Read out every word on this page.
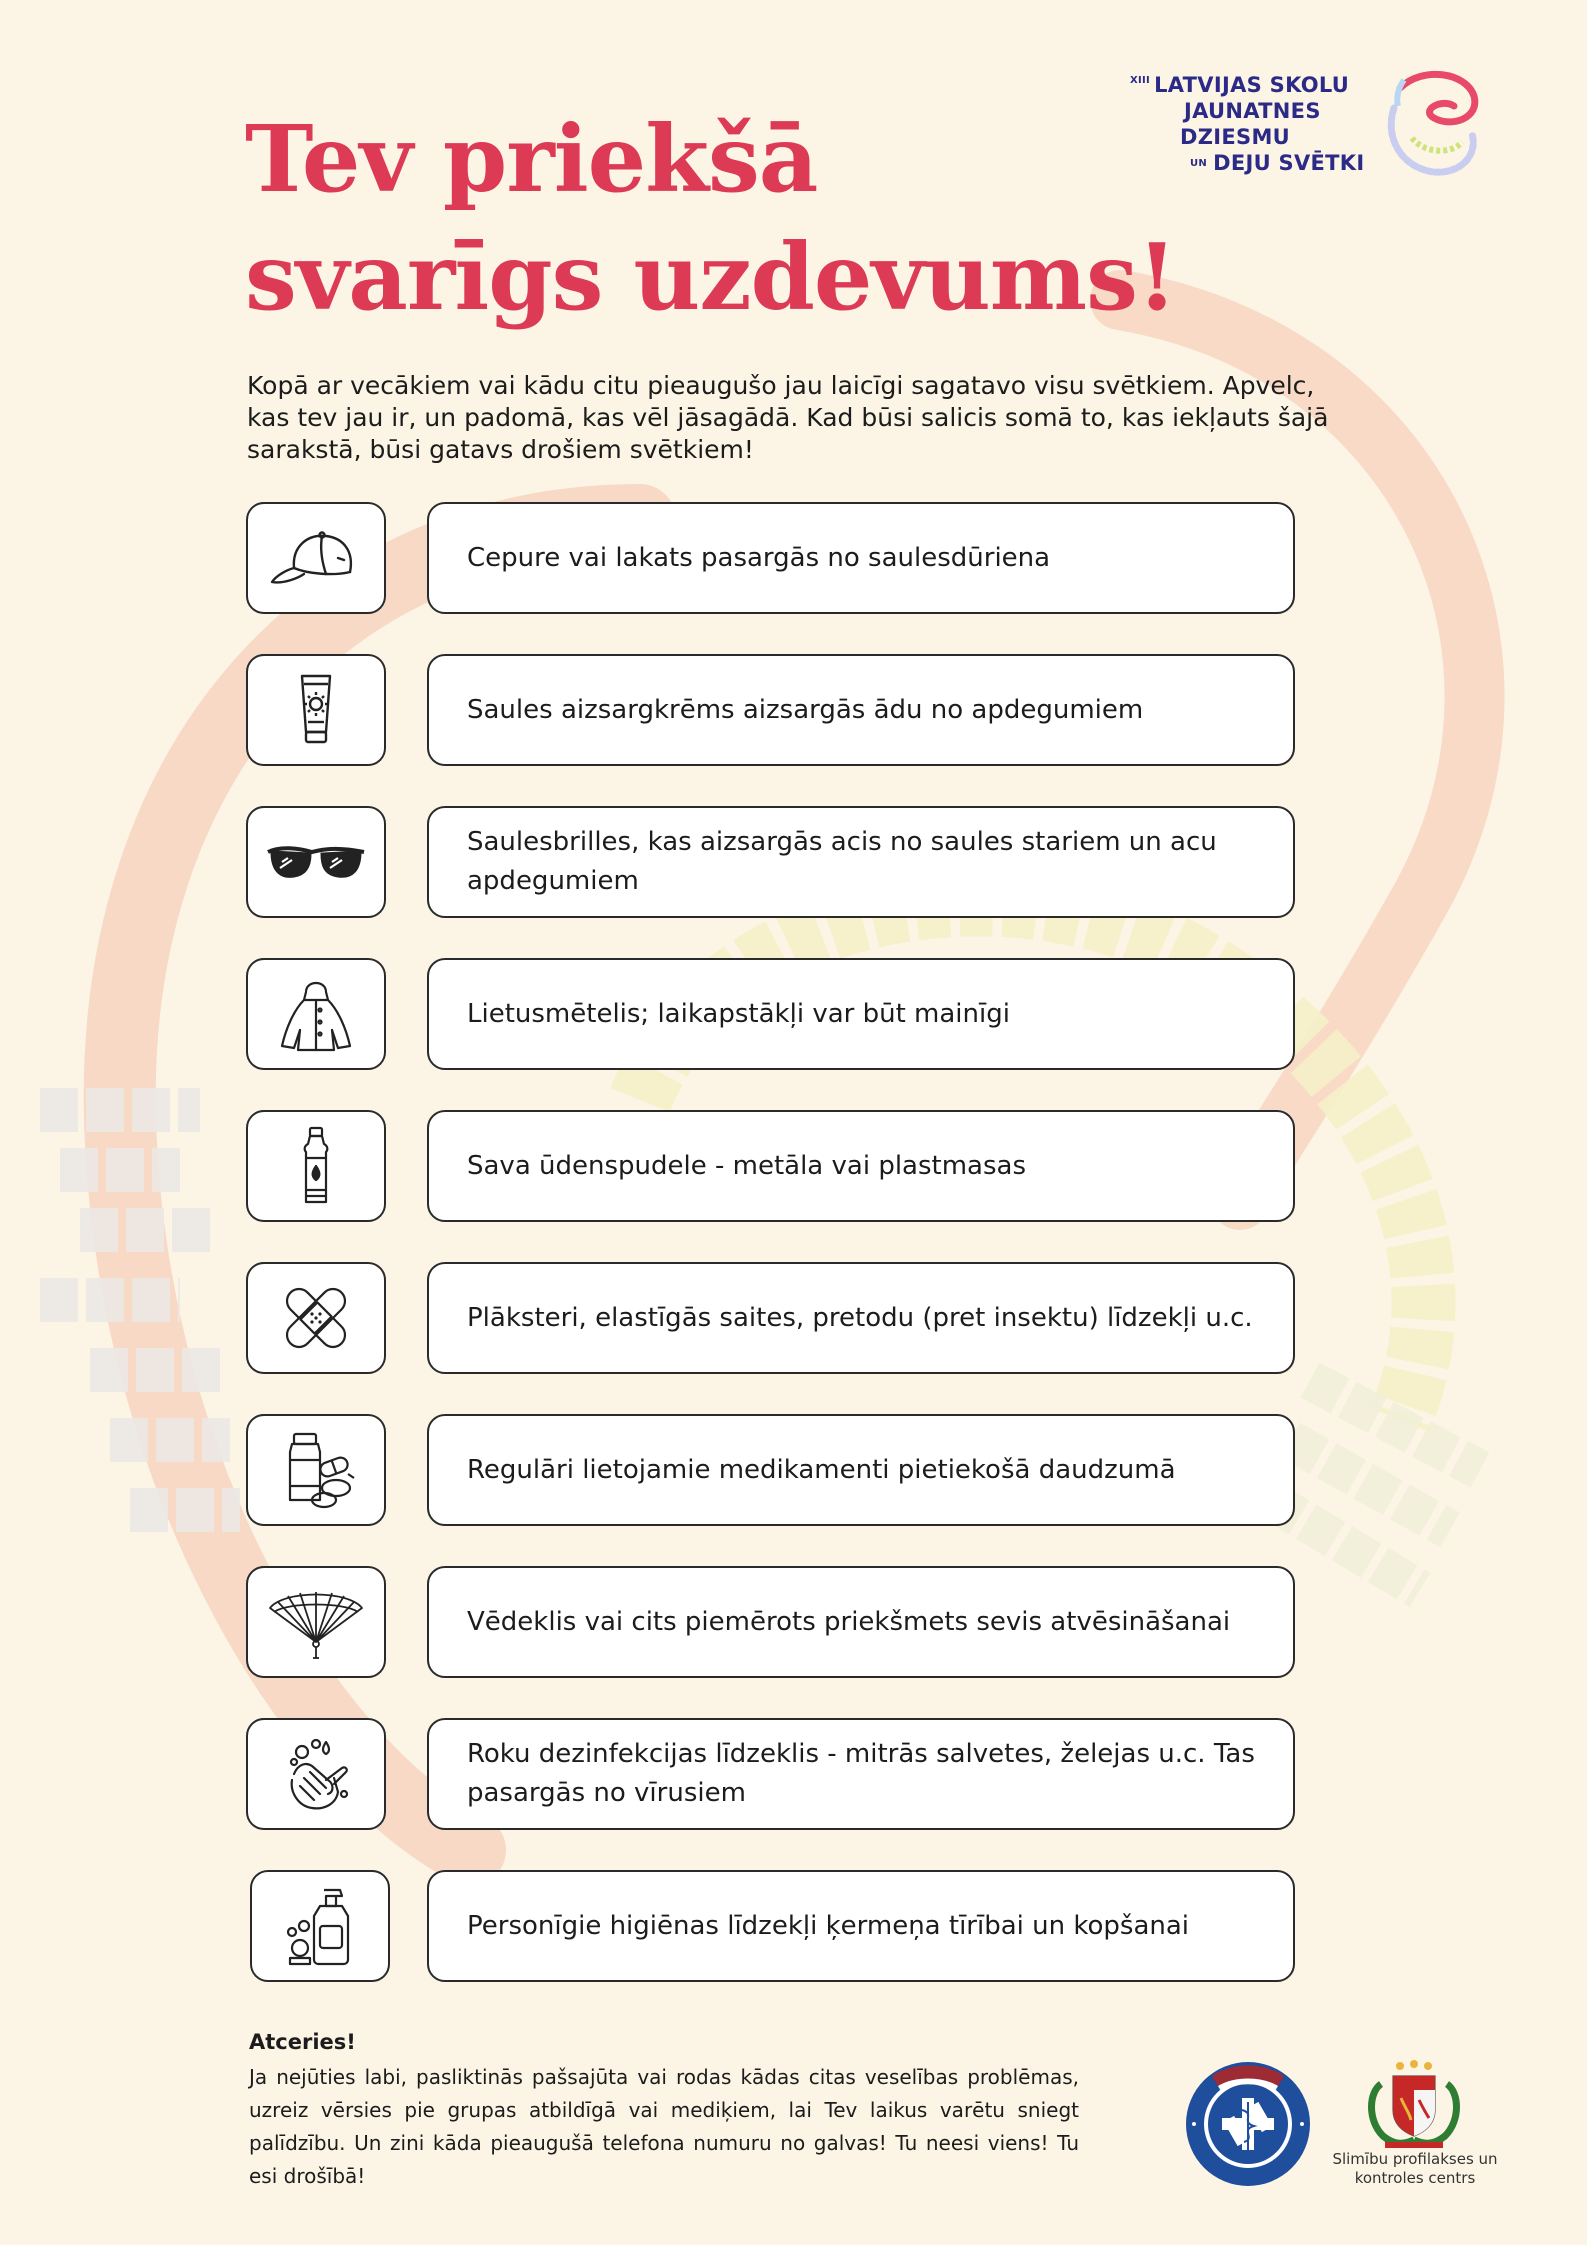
$^{XIII}$ LATVIJAS SKOLU
JAUNATNES
DZIESMU
UN DEJU SVĒTKI
Tev priekšā
svarīgs uzdevums!

Kopā ar vecākiem vai kādu citu pieaugušo jau laicīgi sagatavo visu svētkiem. Apvelc, kas tev jau ir, un padomā, kas vēl jāsagādā. Kad būsi salicis somā to, kas iekļauts šajā sarakstā, būsi gatavs drošiem svētkiem!

Cepure vai lakats pasargās no saulesdūriena
Saules aizsargkrēms aizsargās ādu no apdegumiem
Saulesbrilles, kas aizsargās acis no saules stariem un acu apdegumiem
Lietusmētelis; laikapstākļi var būt mainīgi
Sava ūdenspudele - metāla vai plastmasas
Plāksteri, elastīgās saites, pretodu (pret insektu) līdzekļi u.c.
Regulāri lietojamie medikamenti pietiekošā daudzumā
Vēdeklis vai cits piemērots priekšmets sevis atvēsināšanai
Roku dezinfekcijas līdzeklis - mitrās salvetes, želejas u.c. Tas pasargās no vīrusiem
Personīgie higiēnas līdzekļi ķermeņa tīrībai un kopšanai

Atceries!

Ja nejūties labi, pasliktinās pašsajūta vai rodas kādas citas veselības problēmas, uzreiz vērsies pie grupas atbildīgā vai mediķiem, lai Tev laikus varētu sniegt palīdzību. Un zini kāda pieaugušā telefona numuru no galvas! Tu neesi viens! Tu esi drošībā!

Slimību profilakses un
kontroles centrs
